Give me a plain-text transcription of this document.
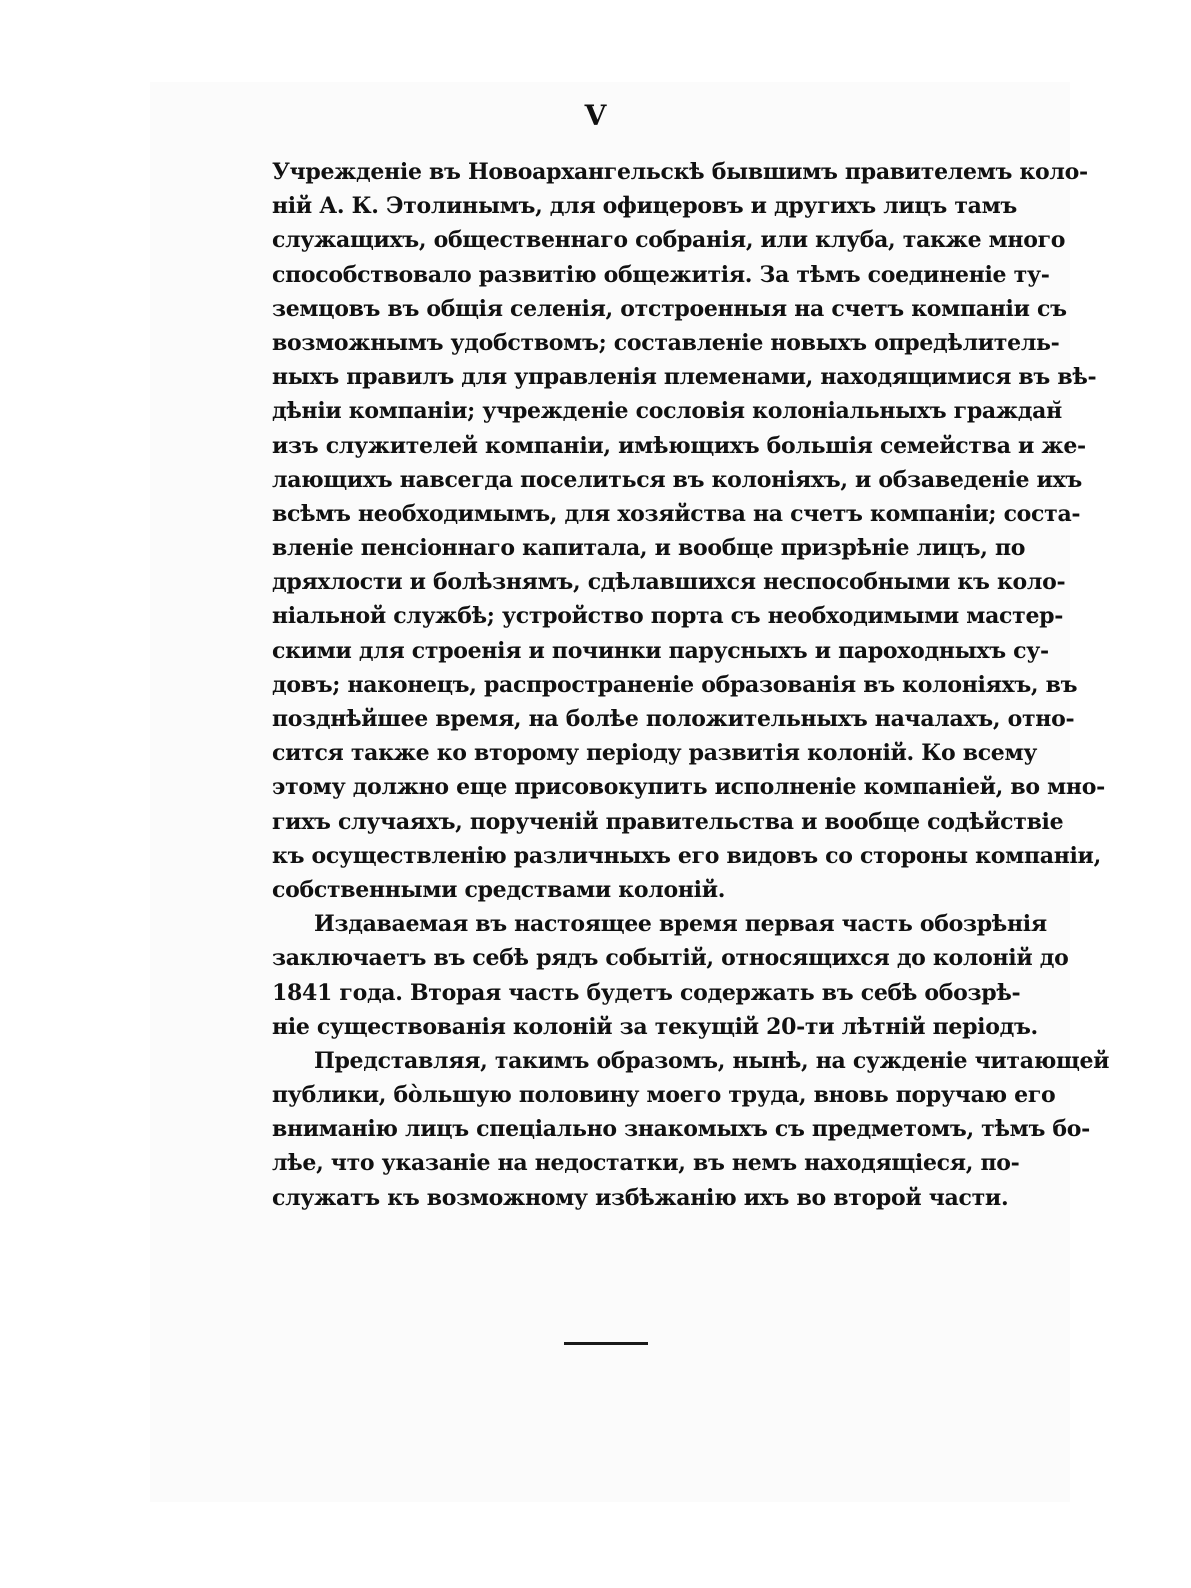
V
Учрежденіе въ Новоархангельскѣ бывшимъ правителемъ коло-
ній А. К. Этолинымъ, для офицеровъ и другихъ лицъ тамъ
служащихъ, общественнаго собранія, или клуба, также много
способствовало развитію общежитія. За тѣмъ соединеніе ту-
земцовъ въ общія селенія, отстроенныя на счетъ компаніи съ
возможнымъ удобствомъ; составленіе новыхъ опредѣлитель-
ныхъ правилъ для управленія племенами, находящимися въ вѣ-
дѣніи компаніи; учрежденіе сословія колоніальныхъ граждан̆
изъ служителей компаніи, имѣющихъ большія семейства и же-
лающихъ навсегда поселиться въ колоніяхъ, и обзаведеніе ихъ
всѣмъ необходимымъ, для хозяйства на счетъ компаніи; соста-
вленіе пенсіоннаго капитала, и вообще призрѣніе лицъ, по
дряхлости и болѣзнямъ, сдѣлавшихся неспособными къ коло-
ніальной службѣ; устройство порта съ необходимыми мастер-
скими для строенія и починки парусныхъ и пароходныхъ су-
довъ; наконецъ, распространеніе образованія въ колоніяхъ, въ
позднѣйшее время, на болѣе положительныхъ началахъ, отно-
сится также ко второму періоду развитія колоній. Ко всему
этому должно еще присовокупить исполненіе компаніей, во мно-
гихъ случаяхъ, порученій правительства и вообще содѣйствіе
къ осуществленію различныхъ его видовъ со стороны компаніи,
собственными средствами колоній.
Издаваемая въ настоящее время первая часть обозрѣнія
заключаетъ въ себѣ рядъ событій, относящихся до колоній до
1841 года. Вторая часть будетъ содержать въ себѣ обозрѣ-
ніе существованія колоній за текущій 20-ти лѣтній періодъ.
Представляя, такимъ образомъ, нынѣ, на сужденіе читающей
публики, бо̀льшую половину моего труда, вновь поручаю его
вниманію лицъ спеціально знакомыхъ съ предметомъ, тѣмъ бо-
лѣе, что указаніе на недостатки, въ немъ находящіеся, по-
служатъ къ возможному избѣжанію ихъ во второй части.
